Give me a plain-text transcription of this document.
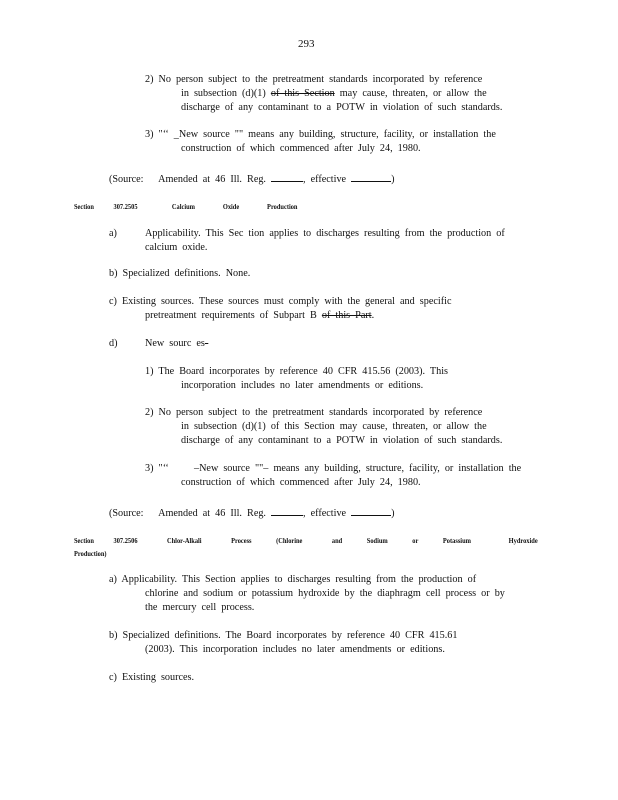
293
2) No person subject to the pretreatment standards incorporated by reference
in subsection (d)(1) of this Section may cause, threaten, or allow the
discharge of any contaminant to a POTW in violation of such standards.
3) "‘‘ _New source "" means any building, structure, facility, or installation the
construction of which commenced after July 24, 1980.
(Source: Amended at 46 Ill. Reg.	, effective	)
Section	307.2505	Calcium	Oxide	Production
a)	Applicability. This Sec tion applies to discharges resulting from the production of
calcium oxide.
b) Specialized definitions. None.
c) Existing sources. These sources must comply with the general and specific
pretreatment requirements of Subpart B of this Part.
d)	New sourc es-
1) The Board incorporates by reference 40 CFR 415.56 (2003). This
incorporation includes no later amendments or editions.
2) No person subject to the pretreatment standards incorporated by reference
in subsection (d)(1) of this Section may cause, threaten, or allow the
discharge of any contaminant to a POTW in violation of such standards.
3) "‘‘ –New source ""– means any building, structure, facility, or installation the
construction of which commenced after July 24, 1980.
(Source: Amended at 46 Ill. Reg.	, effective	)
Section	307.2506	Chlor-Alkali	Process	(Chlorine	and	Sodium	or	Potassium	Hydroxide
Production)
a) Applicability. This Section applies to discharges resulting from the production of
chlorine and sodium or potassium hydroxide by the diaphragm cell process or by
the mercury cell process.
b) Specialized definitions. The Board incorporates by reference 40 CFR 415.61
(2003). This incorporation includes no later amendments or editions.
c) Existing sources.
